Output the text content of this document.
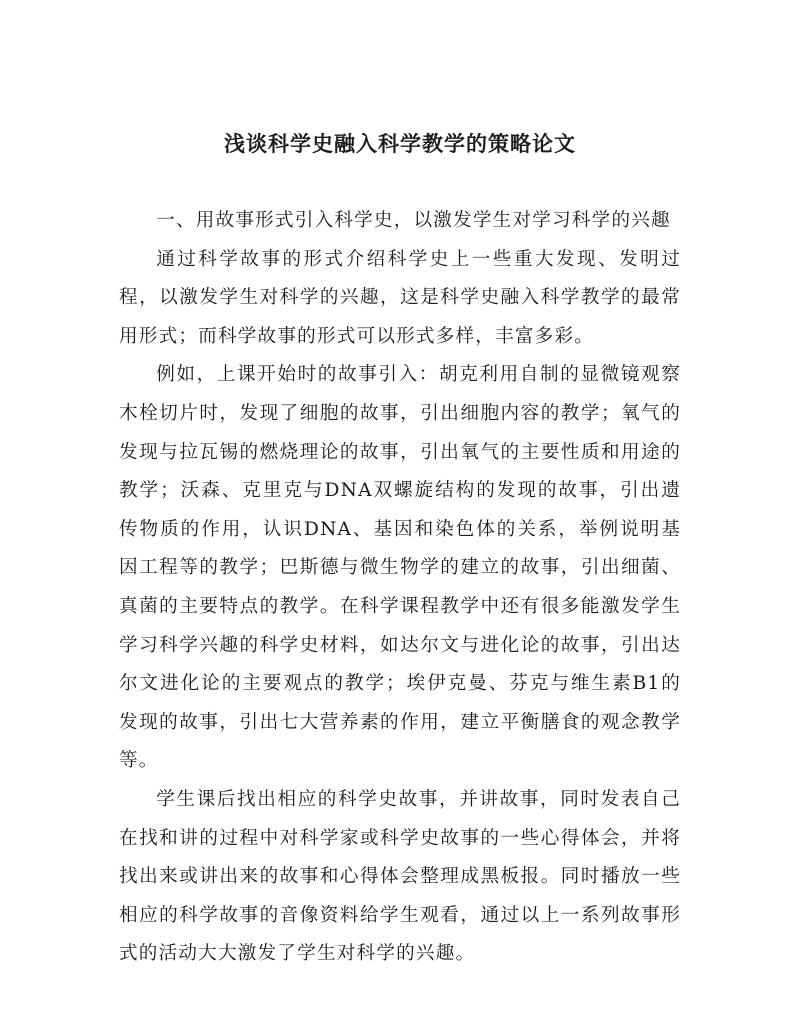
浅谈科学史融入科学教学的策略论文

一、用故事形式引入科学史，以激发学生对学习科学的兴趣

通过科学故事的形式介绍科学史上一些重大发现、发明过程，以激发学生对科学的兴趣，这是科学史融入科学教学的最常用形式；而科学故事的形式可以形式多样，丰富多彩。

例如，上课开始时的故事引入：胡克利用自制的显微镜观察木栓切片时，发现了细胞的故事，引出细胞内容的教学；氧气的发现与拉瓦锡的燃烧理论的故事，引出氧气的主要性质和用途的教学；沃森、克里克与DNA双螺旋结构的发现的故事，引出遗传物质的作用，认识DNA、基因和染色体的关系，举例说明基因工程等的教学；巴斯德与微生物学的建立的故事，引出细菌、真菌的主要特点的教学。在科学课程教学中还有很多能激发学生学习科学兴趣的科学史材料，如达尔文与进化论的故事，引出达尔文进化论的主要观点的教学；埃伊克曼、芬克与维生素B1的发现的故事，引出七大营养素的作用，建立平衡膳食的观念教学等。

学生课后找出相应的科学史故事，并讲故事，同时发表自己在找和讲的过程中对科学家或科学史故事的一些心得体会，并将找出来或讲出来的故事和心得体会整理成黑板报。同时播放一些相应的科学故事的音像资料给学生观看，通过以上一系列故事形式的活动大大激发了学生对科学的兴趣。
